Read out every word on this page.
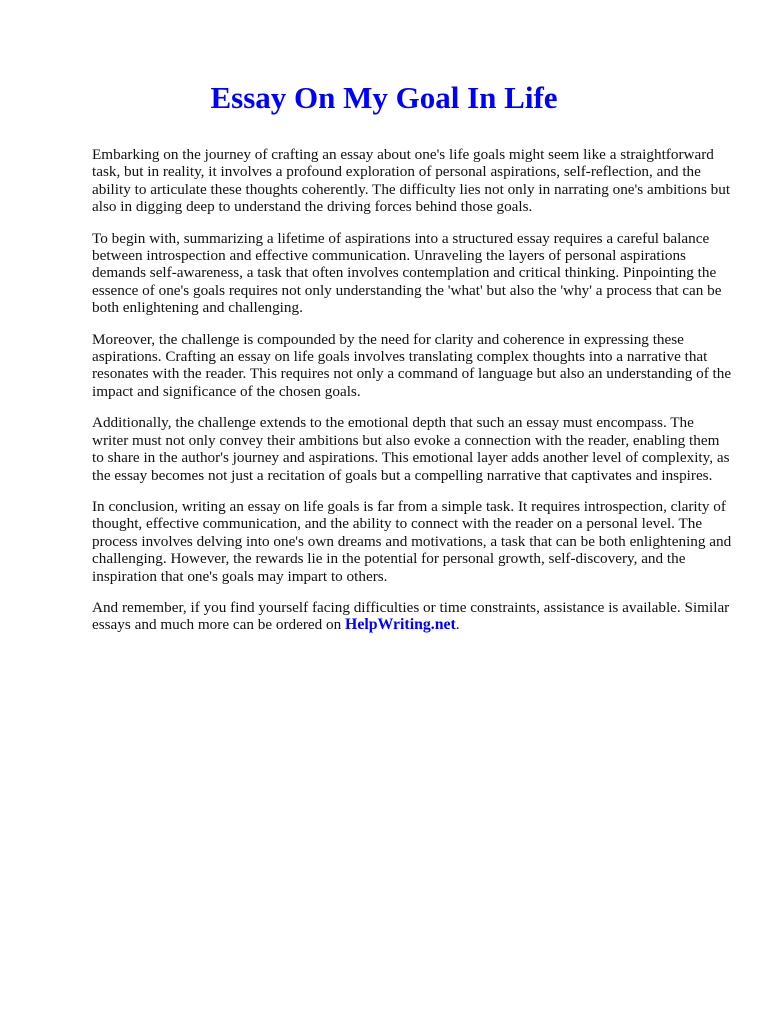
Essay On My Goal In Life

Embarking on the journey of crafting an essay about one's life goals might seem like a straightforward task, but in reality, it involves a profound exploration of personal aspirations, self-reflection, and the ability to articulate these thoughts coherently. The difficulty lies not only in narrating one's ambitions but also in digging deep to understand the driving forces behind those goals.

To begin with, summarizing a lifetime of aspirations into a structured essay requires a careful balance between introspection and effective communication. Unraveling the layers of personal aspirations demands self-awareness, a task that often involves contemplation and critical thinking. Pinpointing the essence of one's goals requires not only understanding the 'what' but also the 'why' a process that can be both enlightening and challenging.

Moreover, the challenge is compounded by the need for clarity and coherence in expressing these aspirations. Crafting an essay on life goals involves translating complex thoughts into a narrative that resonates with the reader. This requires not only a command of language but also an understanding of the impact and significance of the chosen goals.

Additionally, the challenge extends to the emotional depth that such an essay must encompass. The writer must not only convey their ambitions but also evoke a connection with the reader, enabling them to share in the author's journey and aspirations. This emotional layer adds another level of complexity, as the essay becomes not just a recitation of goals but a compelling narrative that captivates and inspires.

In conclusion, writing an essay on life goals is far from a simple task. It requires introspection, clarity of thought, effective communication, and the ability to connect with the reader on a personal level. The process involves delving into one's own dreams and motivations, a task that can be both enlightening and challenging. However, the rewards lie in the potential for personal growth, self-discovery, and the inspiration that one's goals may impart to others.

And remember, if you find yourself facing difficulties or time constraints, assistance is available. Similar essays and much more can be ordered on HelpWriting.net.
